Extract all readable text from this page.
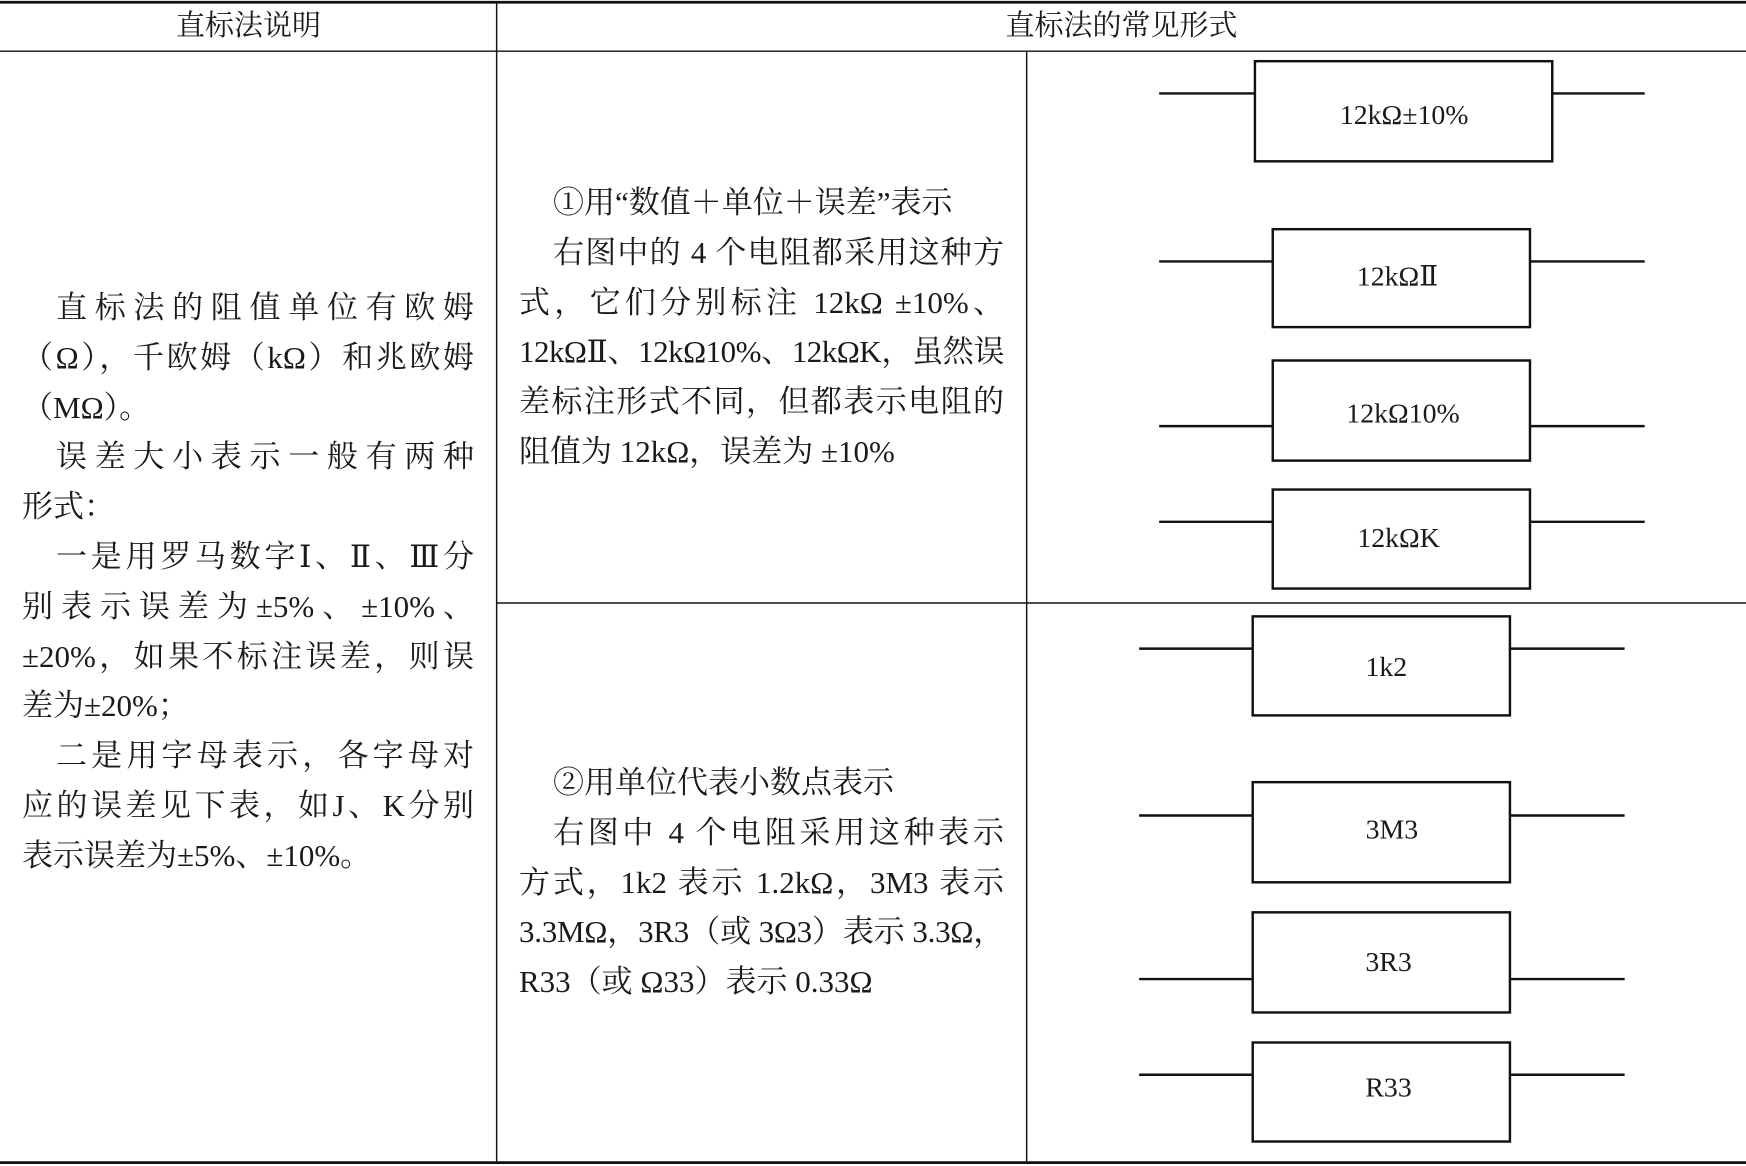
12kΩ±10%
12kΩⅡ
12kΩ10%
12kΩK
1k2
3M3
3R3
R33
直标法说明	直标法的常见形式
直标法的阻值单位有欧姆
（Ω），千欧姆（kΩ）和兆欧姆
（MΩ）。
误差大小表示一般有两种
形式：
一是用罗马数字Ⅰ、Ⅱ、Ⅲ分
别表示误差为±5%、±10%、
±20%，如果不标注误差，则误
差为±20%；
二是用字母表示，各字母对
应的误差见下表，如J、K分别
表示误差为±5%、±10%。
①用“数值＋单位＋误差”表示
右图中的 4 个电阻都采用这种方
式，它们分别标注 12kΩ ±10%、
12kΩⅡ、12kΩ10%、12kΩK，虽然误
差标注形式不同，但都表示电阻的
阻值为 12kΩ，误差为 ±10%
②用单位代表小数点表示
右图中 4 个电阻采用这种表示
方式，1k2 表示 1.2kΩ，3M3 表示
3.3MΩ，3R3（或 3Ω3）表示 3.3Ω，
R33（或 Ω33）表示 0.33Ω
